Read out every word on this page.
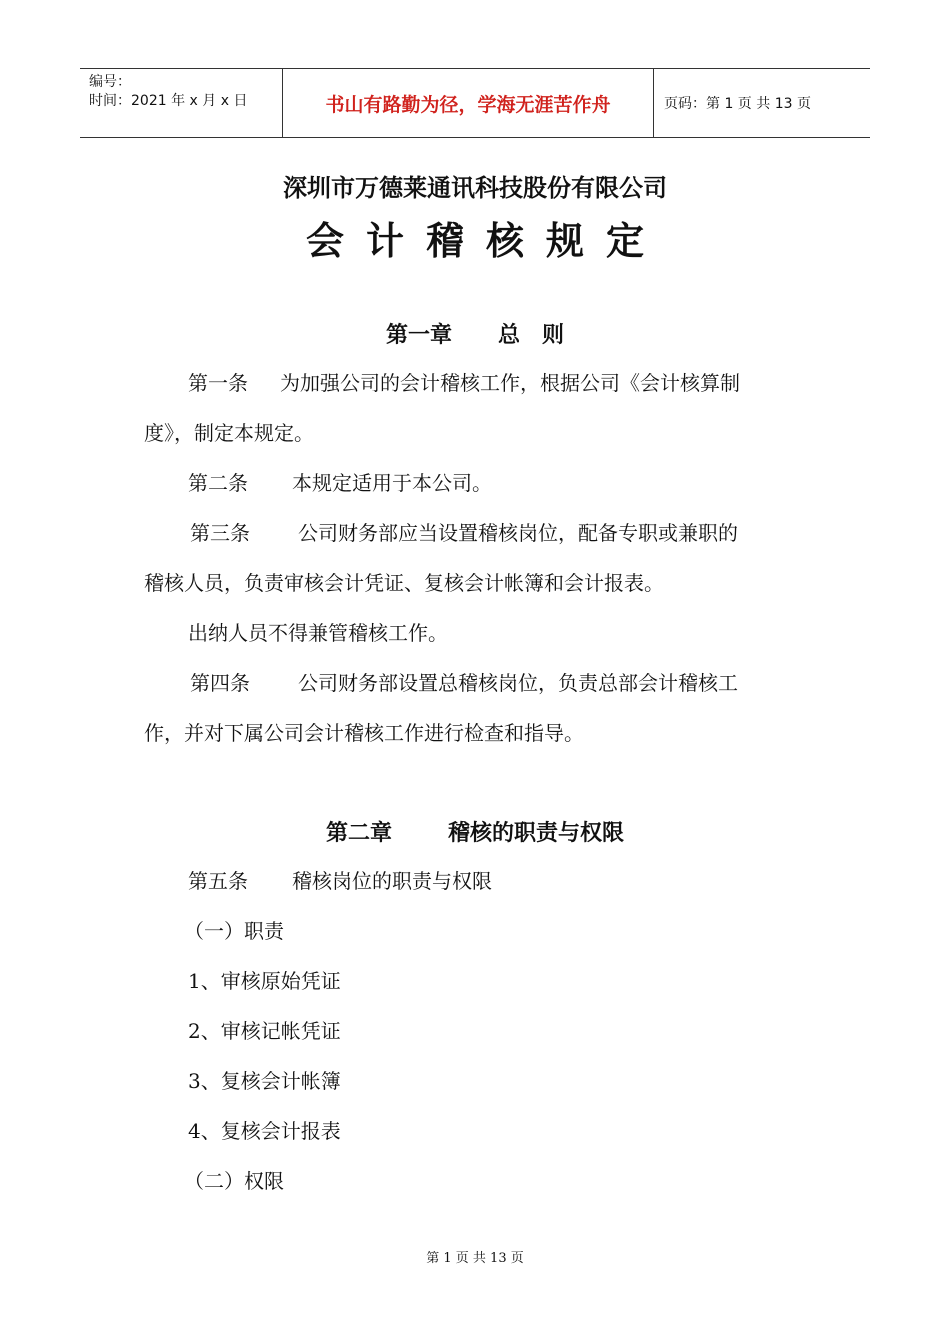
编号：
时间：2021 年 x 月 x 日	书山有路勤为径，学海无涯苦作舟	页码：第 1 页 共 13 页
深圳市万德莱通讯科技股份有限公司
会计稽核规定
第一章 总　则

第一条 为加强公司的会计稽核工作，根据公司《会计核算制
度》，制定本规定。

第二条 本规定适用于本公司。

第三条 公司财务部应当设置稽核岗位，配备专职或兼职的
稽核人员，负责审核会计凭证、复核会计帐簿和会计报表。
出纳人员不得兼管稽核工作。

第四条 公司财务部设置总稽核岗位，负责总部会计稽核工
作，并对下属公司会计稽核工作进行检查和指导。

第二章	稽核的职责与权限

第五条 稽核岗位的职责与权限

（一）职责

1、审核原始凭证

2、审核记帐凭证

3、复核会计帐簿

4、复核会计报表

（二）权限

第 1 页 共 13 页
